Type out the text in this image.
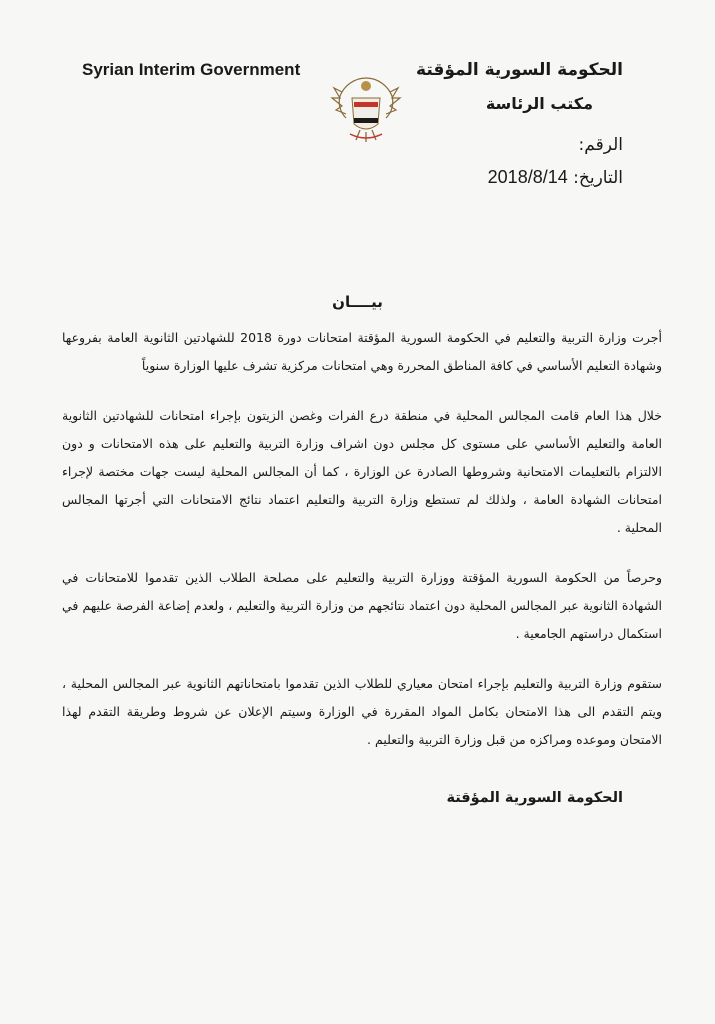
Syrian Interim Government	الحكومة السورية المؤقتة
مكتب الرئاسة
الرقم:
التاريخ: 2018/8/14
بيــــان

أجرت وزارة التربية والتعليم في الحكومة السورية المؤقتة امتحانات دورة 2018 للشهادتين الثانوية العامة بفروعها وشهادة التعليم الأساسي في كافة المناطق المحررة وهي امتحانات مركزية تشرف عليها الوزارة سنوياً

خلال هذا العام قامت المجالس المحلية في منطقة درع الفرات وغصن الزيتون بإجراء امتحانات للشهادتين الثانوية العامة والتعليم الأساسي على مستوى كل مجلس دون اشراف وزارة التربية والتعليم على هذه الامتحانات و دون الالتزام بالتعليمات الامتحانية وشروطها الصادرة عن الوزارة ، كما أن المجالس المحلية ليست جهات مختصة لإجراء امتحانات الشهادة العامة ، ولذلك لم تستطع وزارة التربية والتعليم اعتماد نتائج الامتحانات التي أجرتها المجالس المحلية .

وحرصاً من الحكومة السورية المؤقتة ووزارة التربية والتعليم على مصلحة الطلاب الذين تقدموا للامتحانات في الشهادة الثانوية عبر المجالس المحلية دون اعتماد نتائجهم من وزارة التربية والتعليم ، ولعدم إضاعة الفرصة عليهم في استكمال دراستهم الجامعية .

ستقوم وزارة التربية والتعليم بإجراء امتحان معياري للطلاب الذين تقدموا بامتحاناتهم الثانوية عبر المجالس المحلية ، ويتم التقدم الى هذا الامتحان بكامل المواد المقررة في الوزارة وسيتم الإعلان عن شروط وطريقة التقدم لهذا الامتحان وموعده ومراكزه من قبل وزارة التربية والتعليم .

الحكومة السورية المؤقتة
